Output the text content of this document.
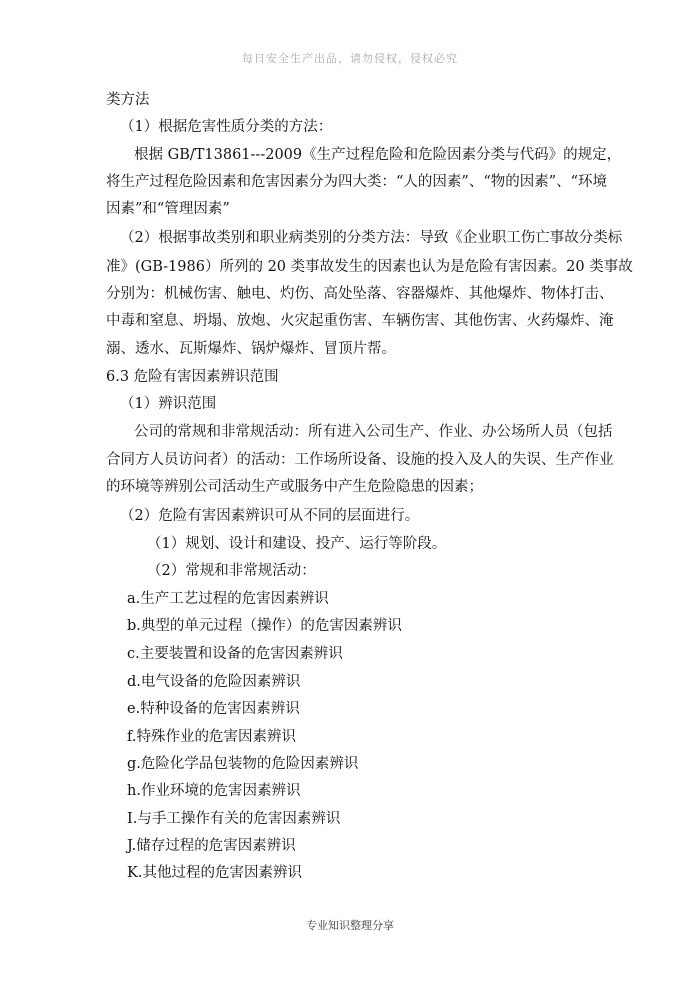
每日安全生产出品，请勿侵权，侵权必究
类方法
（1）根据危害性质分类的方法：
根据 GB/T13861---2009《生产过程危险和危险因素分类与代码》的规定，
将生产过程危险因素和危害因素分为四大类：“人的因素”、“物的因素”、“环境
因素”和“管理因素”
（2）根据事故类别和职业病类别的分类方法：导致《企业职工伤亡事故分类标
准》(GB-1986）所列的 20 类事故发生的因素也认为是危险有害因素。20 类事故
分别为：机械伤害、触电、灼伤、高处坠落、容器爆炸、其他爆炸、物体打击、
中毒和窒息、坍塌、放炮、火灾起重伤害、车辆伤害、其他伤害、火药爆炸、淹
溺、透水、瓦斯爆炸、锅炉爆炸、冒顶片帮。
6.3 危险有害因素辨识范围
（1）辨识范围
公司的常规和非常规活动：所有进入公司生产、作业、办公场所人员（包括
合同方人员访问者）的活动：工作场所设备、设施的投入及人的失误、生产作业
的环境等辨别公司活动生产或服务中产生危险隐患的因素；
（2）危险有害因素辨识可从不同的层面进行。
（1）规划、设计和建设、投产、运行等阶段。
（2）常规和非常规活动：
a.生产工艺过程的危害因素辨识
b.典型的单元过程（操作）的危害因素辨识
c.主要装置和设备的危害因素辨识
d.电气设备的危险因素辨识
e.特种设备的危害因素辨识
f.特殊作业的危害因素辨识
g.危险化学品包装物的危险因素辨识
h.作业环境的危害因素辨识
I.与手工操作有关的危害因素辨识
J.储存过程的危害因素辨识
K.其他过程的危害因素辨识
专业知识整理分享
